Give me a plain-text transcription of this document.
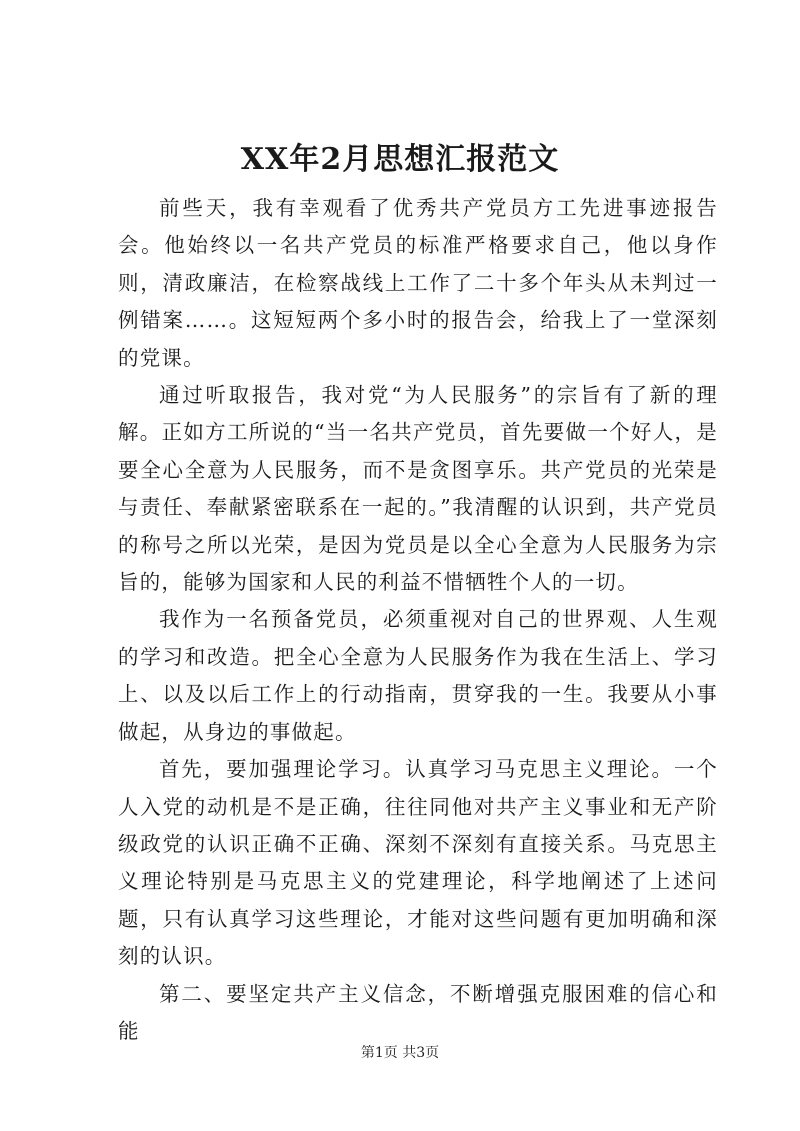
XX年2月思想汇报范文

前些天，我有幸观看了优秀共产党员方工先进事迹报告会。他始终以一名共产党员的标准严格要求自己，他以身作则，清政廉洁，在检察战线上工作了二十多个年头从未判过一例错案……。这短短两个多小时的报告会，给我上了一堂深刻的党课。

通过听取报告，我对党“为人民服务”的宗旨有了新的理解。正如方工所说的“当一名共产党员，首先要做一个好人，是要全心全意为人民服务，而不是贪图享乐。共产党员的光荣是与责任、奉献紧密联系在一起的。”我清醒的认识到，共产党员的称号之所以光荣，是因为党员是以全心全意为人民服务为宗旨的，能够为国家和人民的利益不惜牺牲个人的一切。

我作为一名预备党员，必须重视对自己的世界观、人生观的学习和改造。把全心全意为人民服务作为我在生活上、学习上、以及以后工作上的行动指南，贯穿我的一生。我要从小事做起，从身边的事做起。

首先，要加强理论学习。认真学习马克思主义理论。一个人入党的动机是不是正确，往往同他对共产主义事业和无产阶级政党的认识正确不正确、深刻不深刻有直接关系。马克思主义理论特别是马克思主义的党建理论，科学地阐述了上述问题，只有认真学习这些理论，才能对这些问题有更加明确和深刻的认识。

第二、要坚定共产主义信念，不断增强克服困难的信心和能

第1页 共3页
